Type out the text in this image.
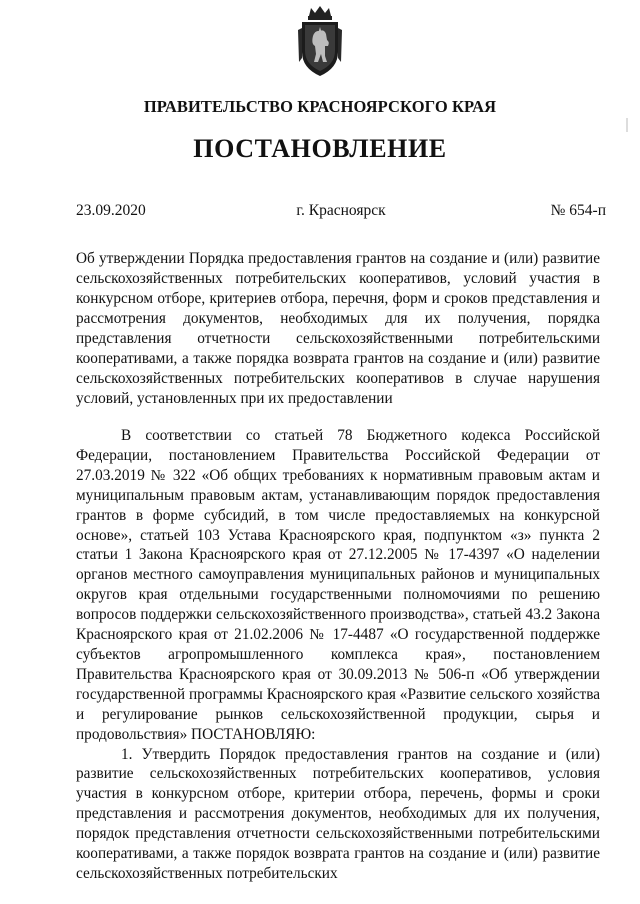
ПРАВИТЕЛЬСТВО КРАСНОЯРСКОГО КРАЯ
ПОСТАНОВЛЕНИЕ
23.09.2020	г. Красноярск	№ 654-п
Об утверждении Порядка предоставления грантов на создание и (или) развитие сельскохозяйственных потребительских кооперативов, условий участия в конкурсном отборе, критериев отбора, перечня, форм и сроков представления и рассмотрения документов, необходимых для их получения, порядка представления отчетности сельскохозяйственными потребительскими кооперативами, а также порядка возврата грантов на создание и (или) развитие сельскохозяйственных потребительских кооперативов в случае нарушения условий, установленных при их предоставлении

В соответствии со статьей 78 Бюджетного кодекса Российской Федерации, постановлением Правительства Российской Федерации от 27.03.2019 № 322 «Об общих требованиях к нормативным правовым актам и муниципальным правовым актам, устанавливающим порядок предоставления грантов в форме субсидий, в том числе предоставляемых на конкурсной основе», статьей 103 Устава Красноярского края, подпунктом «з» пункта 2 статьи 1 Закона Красноярского края от 27.12.2005 № 17-4397 «О наделении органов местного самоуправления муниципальных районов и муниципальных округов края отдельными государственными полномочиями по решению вопросов поддержки сельскохозяйственного производства», статьей 43.2 Закона Красноярского края от 21.02.2006 № 17-4487 «О государственной поддержке субъектов агропромышленного комплекса края», постановлением Правительства Красноярского края от 30.09.2013 № 506-п «Об утверждении государственной программы Красноярского края «Развитие сельского хозяйства и регулирование рынков сельскохозяйственной продукции, сырья и продовольствия» ПОСТАНОВЛЯЮ:

1. Утвердить Порядок предоставления грантов на создание и (или) развитие сельскохозяйственных потребительских кооперативов, условия участия в конкурсном отборе, критерии отбора, перечень, формы и сроки представления и рассмотрения документов, необходимых для их получения, порядок представления отчетности сельскохозяйственными потребительскими кооперативами, а также порядок возврата грантов на создание и (или) развитие сельскохозяйственных потребительских
